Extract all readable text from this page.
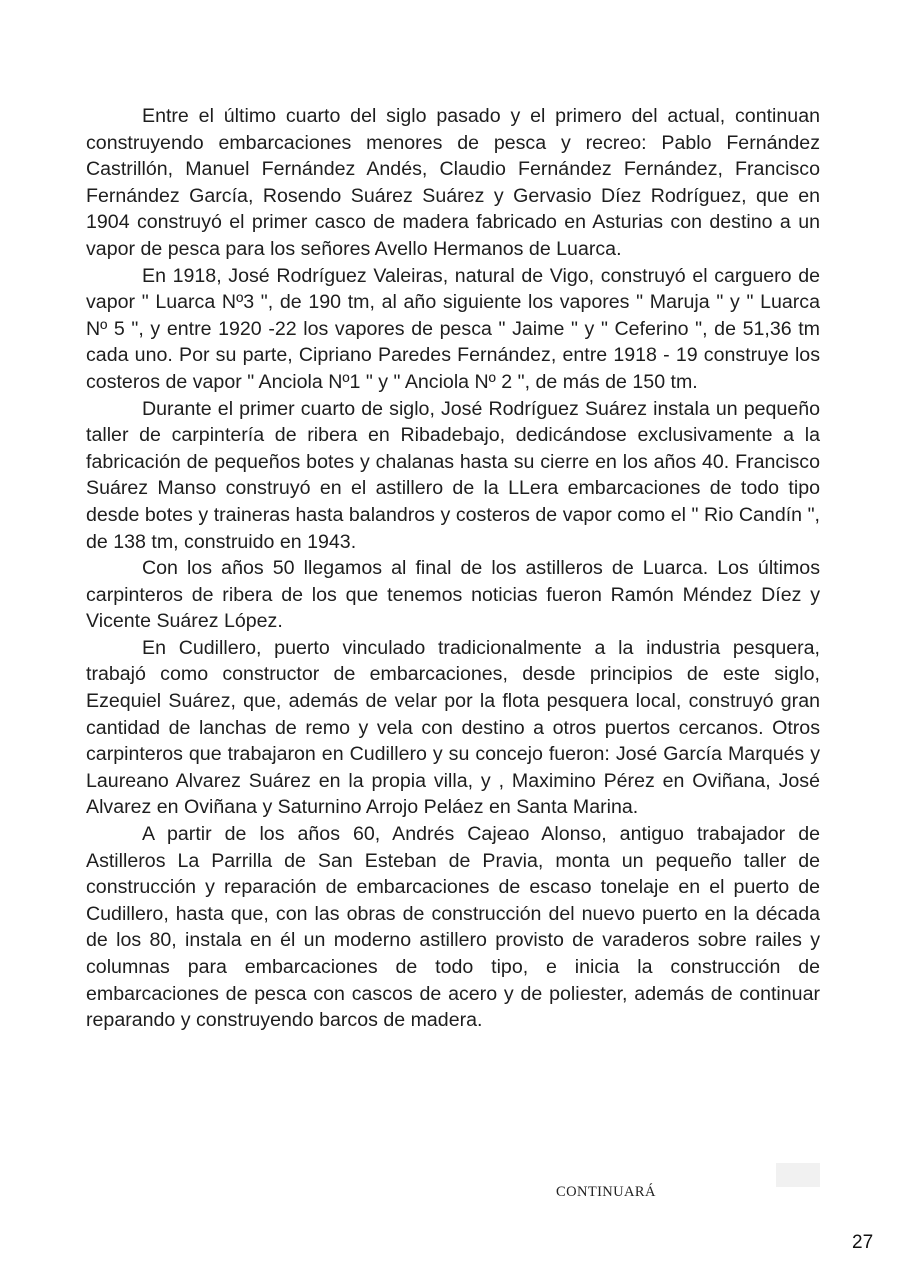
Entre el último cuarto del siglo pasado y el primero del actual, continuan construyendo embarcaciones menores de pesca y recreo: Pablo Fernández Castrillón, Manuel Fernández Andés, Claudio Fernández Fernández, Francisco Fernández García, Rosendo Suárez Suárez y Gervasio Díez Rodríguez, que en 1904 construyó el primer casco de madera fabricado en Asturias con destino a un vapor de pesca para los señores Avello Hermanos de Luarca.

En 1918, José Rodríguez Valeiras, natural de Vigo, construyó el carguero de vapor " Luarca Nº3 ", de 190 tm, al año siguiente los vapores " Maruja " y " Luarca Nº 5 ", y entre 1920 -22 los vapores de pesca " Jaime " y " Ceferino ", de 51,36 tm cada uno. Por su parte, Cipriano Paredes Fernández, entre 1918 - 19 construye los costeros de vapor " Anciola Nº1 " y " Anciola Nº 2 ", de más de 150 tm.

Durante el primer cuarto de siglo, José Rodríguez Suárez instala un pequeño taller de carpintería de ribera en Ribadebajo, dedicándose exclusivamente a la fabricación de pequeños botes y chalanas hasta su cierre en los años 40. Francisco Suárez Manso construyó en el astillero de la LLera embarcaciones de todo tipo desde botes y traineras hasta balandros y costeros de vapor como el " Rio Candín ", de 138 tm, construido en 1943.

Con los años 50 llegamos al final de los astilleros de Luarca. Los últimos carpinteros de ribera de los que tenemos noticias fueron Ramón Méndez Díez y Vicente Suárez López.

En Cudillero, puerto vinculado tradicionalmente a la industria pesquera, trabajó como constructor de embarcaciones, desde principios de este siglo, Ezequiel Suárez, que, además de velar por la flota pesquera local, construyó gran cantidad de lanchas de remo y vela con destino a otros puertos cercanos. Otros carpinteros que trabajaron en Cudillero y su concejo fueron: José García Marqués y Laureano Alvarez Suárez en la propia villa, y , Maximino Pérez en Oviñana, José Alvarez en Oviñana y Saturnino Arrojo Peláez en Santa Marina.

A partir de los años 60, Andrés Cajeao Alonso, antiguo trabajador de Astilleros La Parrilla de San Esteban de Pravia, monta un pequeño taller de construcción y reparación de embarcaciones de escaso tonelaje en el puerto de Cudillero, hasta que, con las obras de construcción del nuevo puerto en la década de los 80, instala en él un moderno astillero provisto de varaderos sobre railes y columnas para embarcaciones de todo tipo, e inicia la construcción de embarcaciones de pesca con cascos de acero y de poliester, además de continuar reparando y construyendo barcos de madera.

CONTINUARÁ
27
